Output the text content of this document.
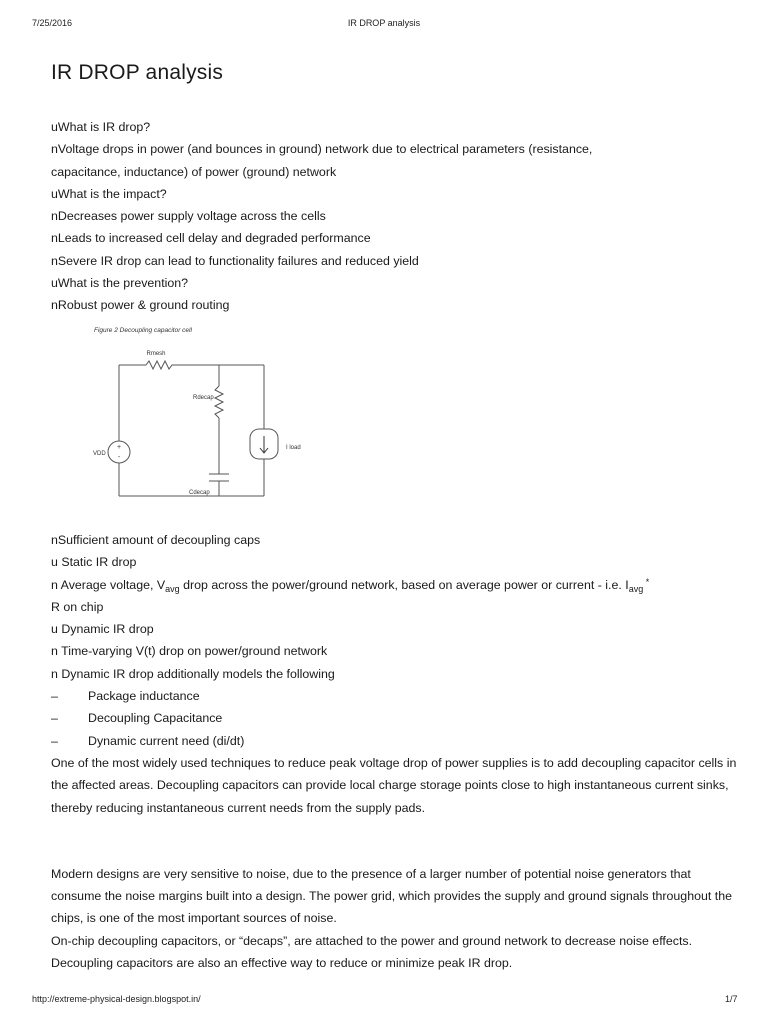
7/25/2016	IR DROP analysis
IR DROP analysis
uWhat is IR drop?
nVoltage drops in power (and bounces in ground) network due to electrical parameters (resistance,
capacitance, inductance) of power (ground) network
uWhat is the impact?
nDecreases power supply voltage across the cells
nLeads to increased cell delay and degraded performance
nSevere IR drop can lead to functionality failures and reduced yield
uWhat is the prevention?
nRobust power & ground routing
Figure 2 Decoupling capacitor cell
Rmesh
Rdecap
Cdecap
+
-
VDD
I load
nSufficient amount of decoupling caps
u Static IR drop
n Average voltage, $V_{avg}$ drop across the power/ground network, based on average power or current - i.e. $I_{avg}$ *
R on chip
u Dynamic IR drop
n Time-varying V(t) drop on power/ground network
n Dynamic IR drop additionally models the following
– Package inductance
– Decoupling Capacitance
– Dynamic current need (di/dt)
One of the most widely used techniques to reduce peak voltage drop of power supplies is to add decoupling capacitor cells in the affected areas. Decoupling capacitors can provide local charge storage points close to high instantaneous current sinks, thereby reducing instantaneous current needs from the supply pads.
Modern designs are very sensitive to noise, due to the presence of a larger number of potential noise generators that consume the noise margins built into a design. The power grid, which provides the supply and ground signals throughout the chips, is one of the most important sources of noise.
On-chip decoupling capacitors, or “decaps”, are attached to the power and ground network to decrease noise effects. Decoupling capacitors are also an effective way to reduce or minimize peak IR drop.
http://extreme-physical-design.blogspot.in/	1/7
